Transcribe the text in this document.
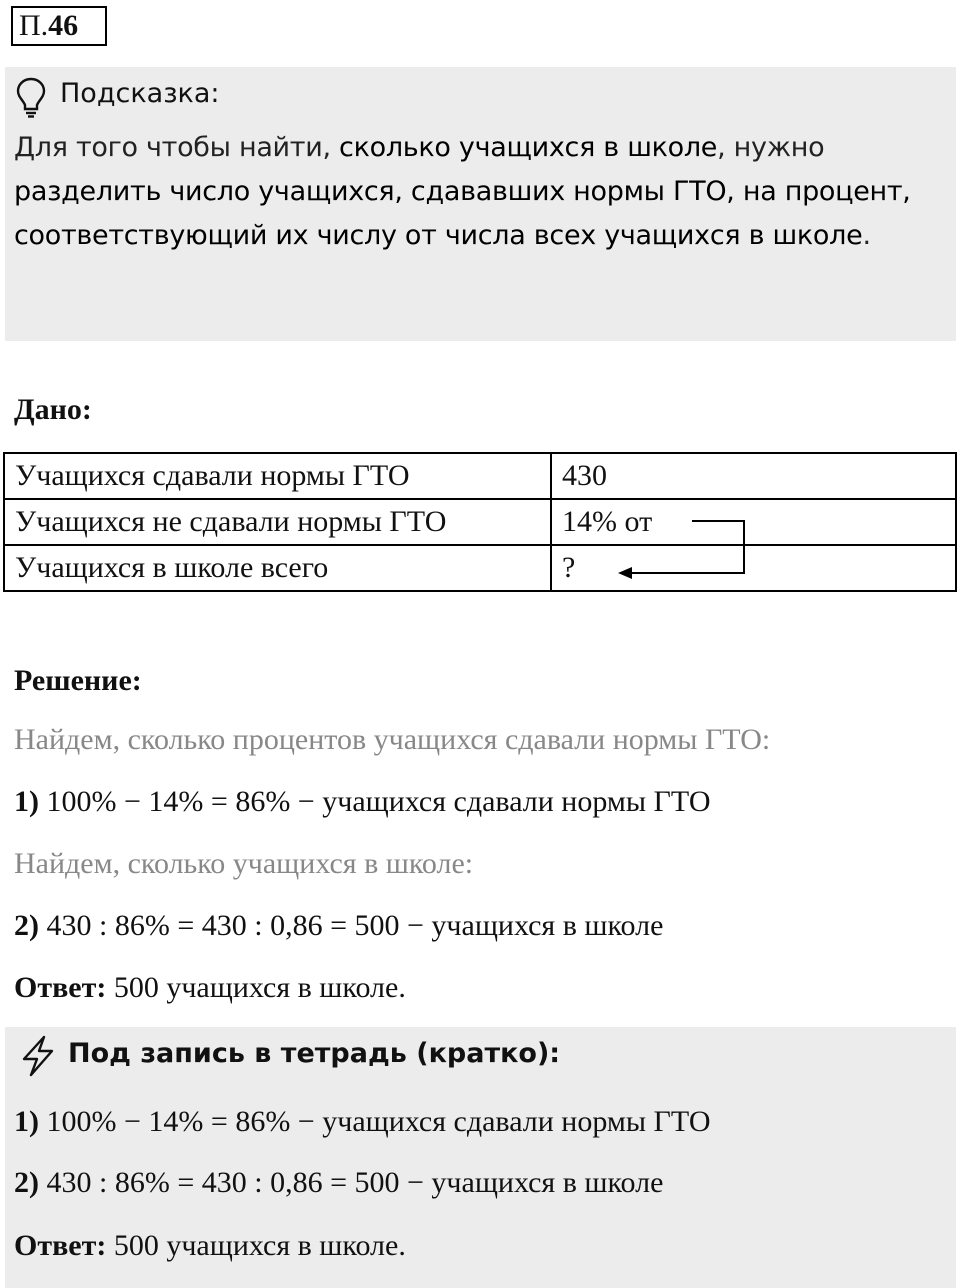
П.46
Подсказка:
Для того чтобы найти, сколько учащихся в школе, нужно разделить число учащихся, сдававших нормы ГТО, на процент, соответствующий их числу от числа всех учащихся в школе.
Дано:
Учащихся сдавали нормы ГТО	430
Учащихся не сдавали нормы ГТО	14% от
Учащихся в школе всего	?
Решение:
Найдем, сколько процентов учащихся сдавали нормы ГТО:
1) 100% − 14% = 86% − учащихся сдавали нормы ГТО
Найдем, сколько учащихся в школе:
2) 430 : 86% = 430 : 0,86 = 500 − учащихся в школе
Ответ: 500 учащихся в школе.
Под запись в тетрадь (кратко):
1) 100% − 14% = 86% − учащихся сдавали нормы ГТО
2) 430 : 86% = 430 : 0,86 = 500 − учащихся в школе
Ответ: 500 учащихся в школе.
